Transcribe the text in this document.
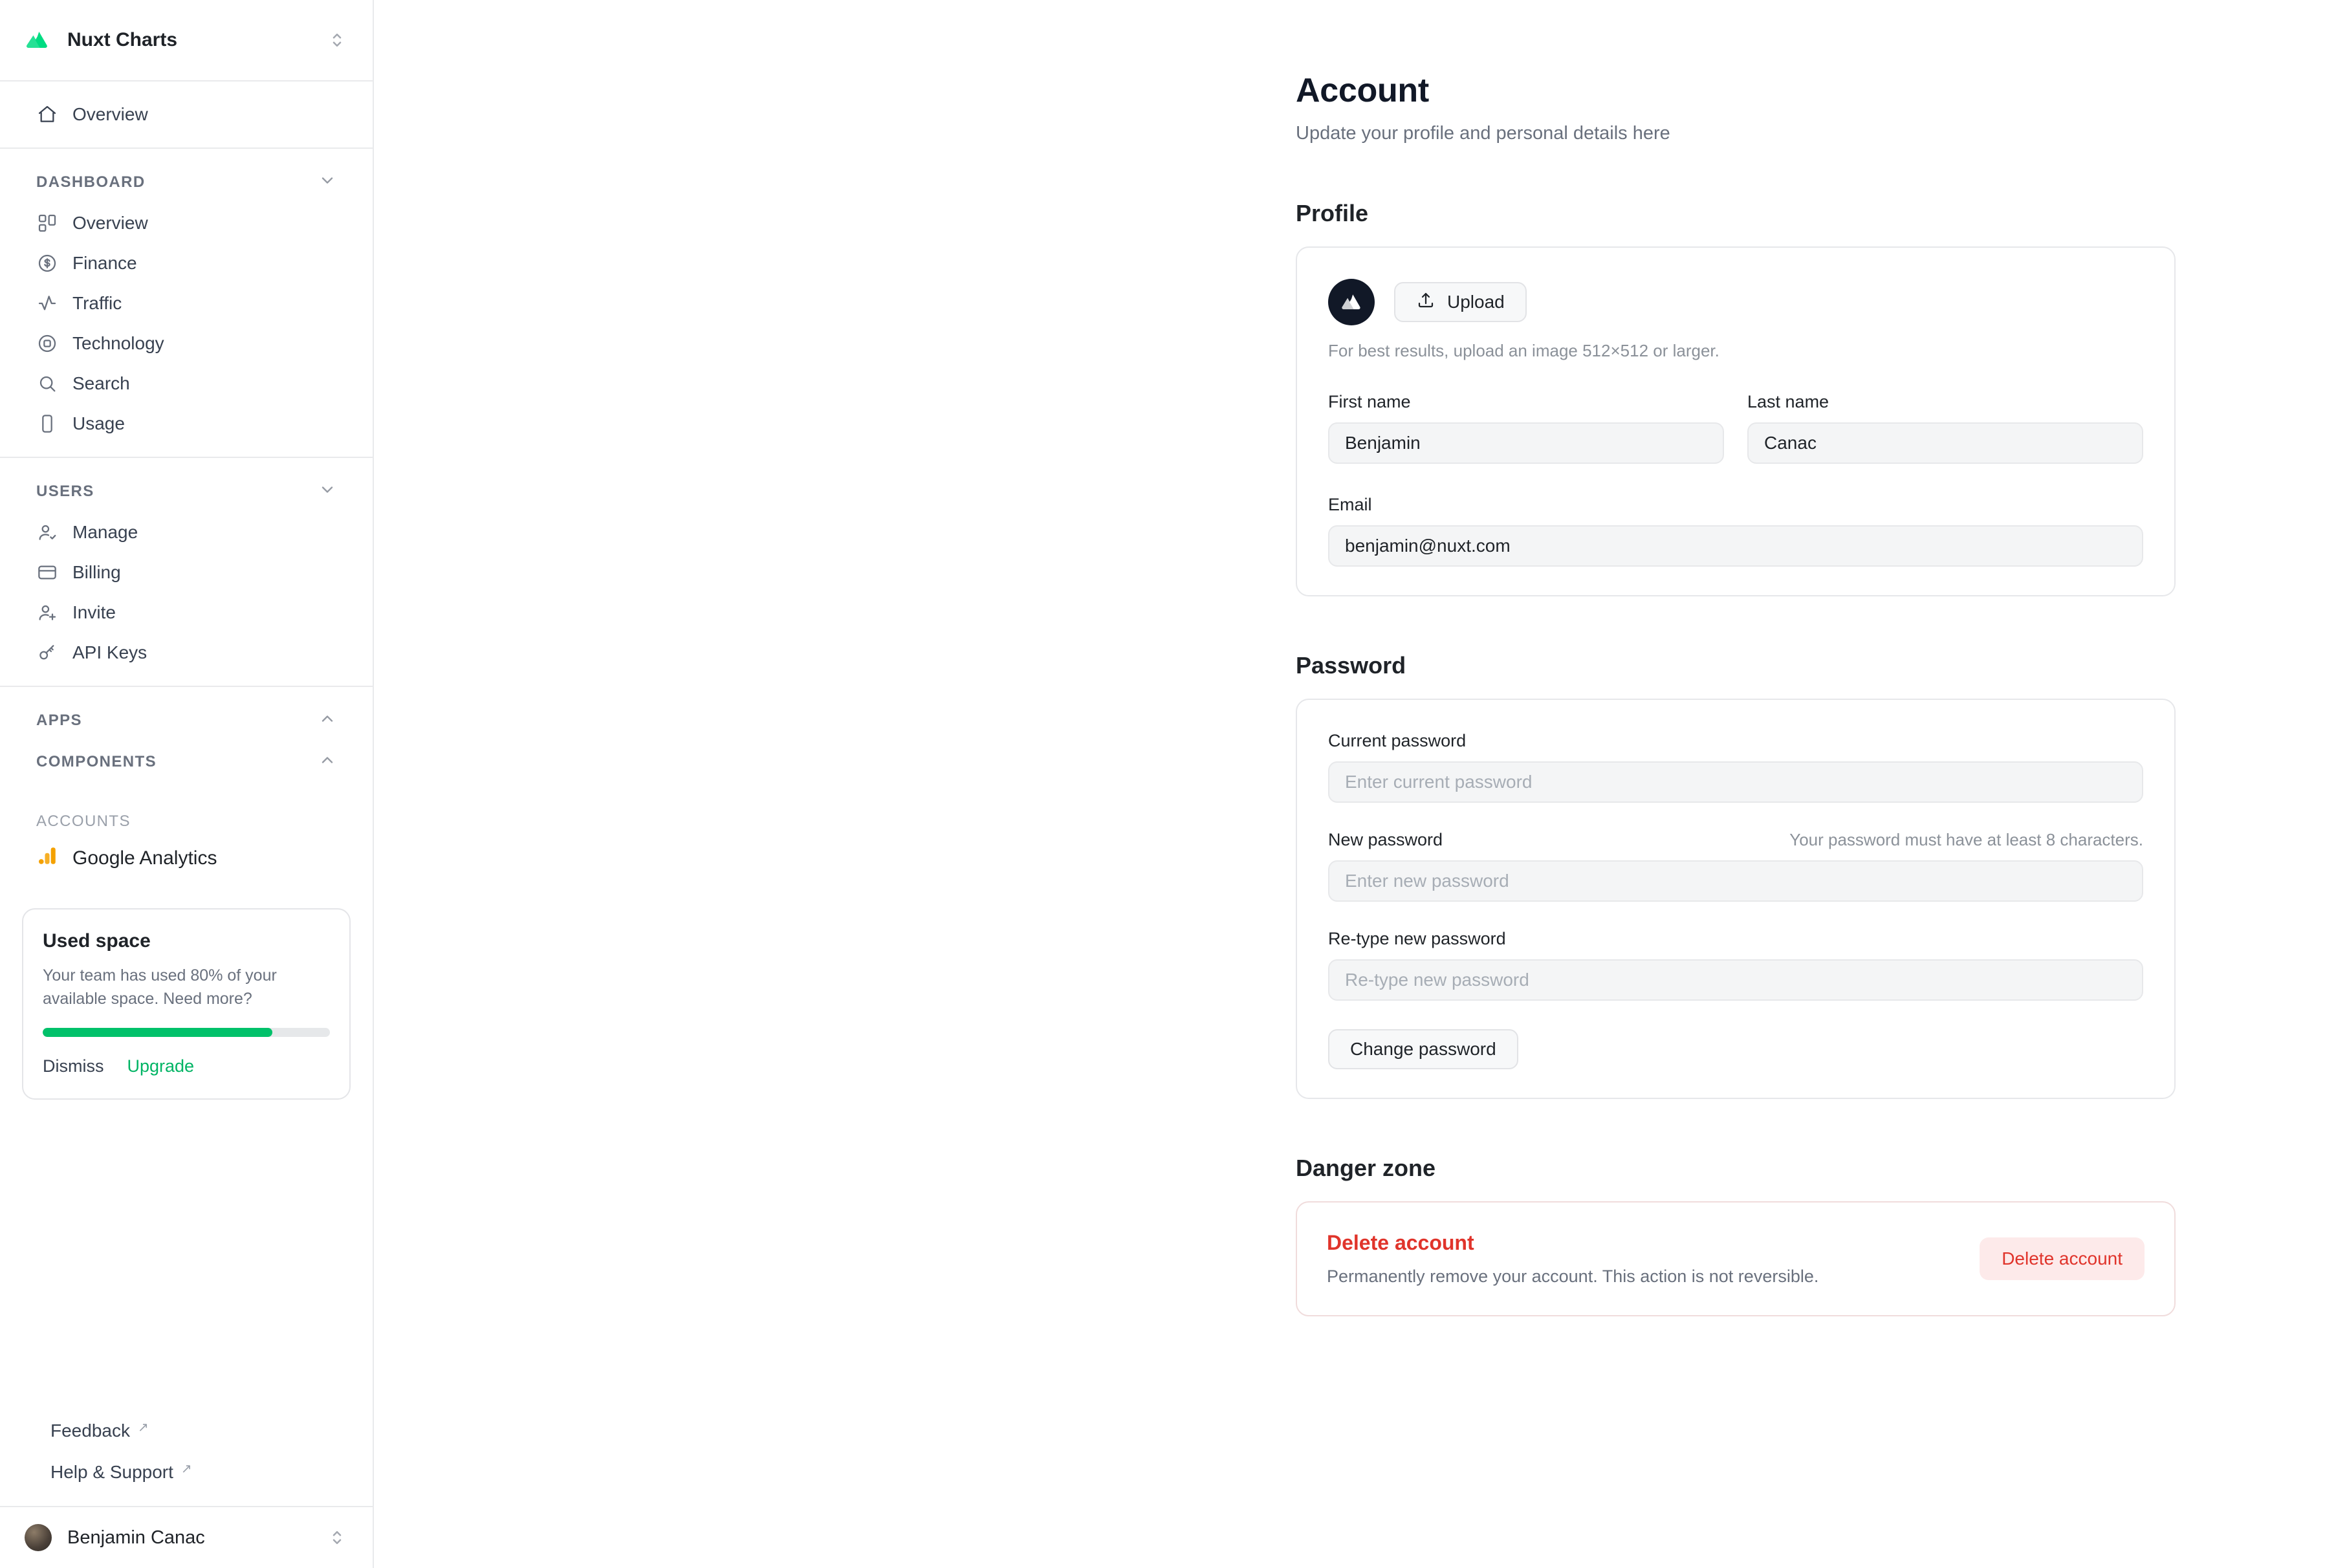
Nuxt Charts
Overview
DASHBOARD
Overview
Finance
Traffic
Technology
Search
Usage
USERS
Manage
Billing
Invite
API Keys
APPS
COMPONENTS
ACCOUNTS
Google Analytics
Used space
Your team has used 80% of your available space. Need more?
Dismiss Upgrade
Feedback ↗
Help & Support ↗
Benjamin Canac
Account

Update your profile and personal details here

Profile
Upload
For best results, upload an image 512×512 or larger.
First name
Benjamin	Last name
Canac
Email
benjamin@nuxt.com
Password
Current password
New password	Your password must have at least 8 characters.
Re-type new password
Change password
Danger zone
Delete account
Permanently remove your account. This action is not reversible.
Delete account
